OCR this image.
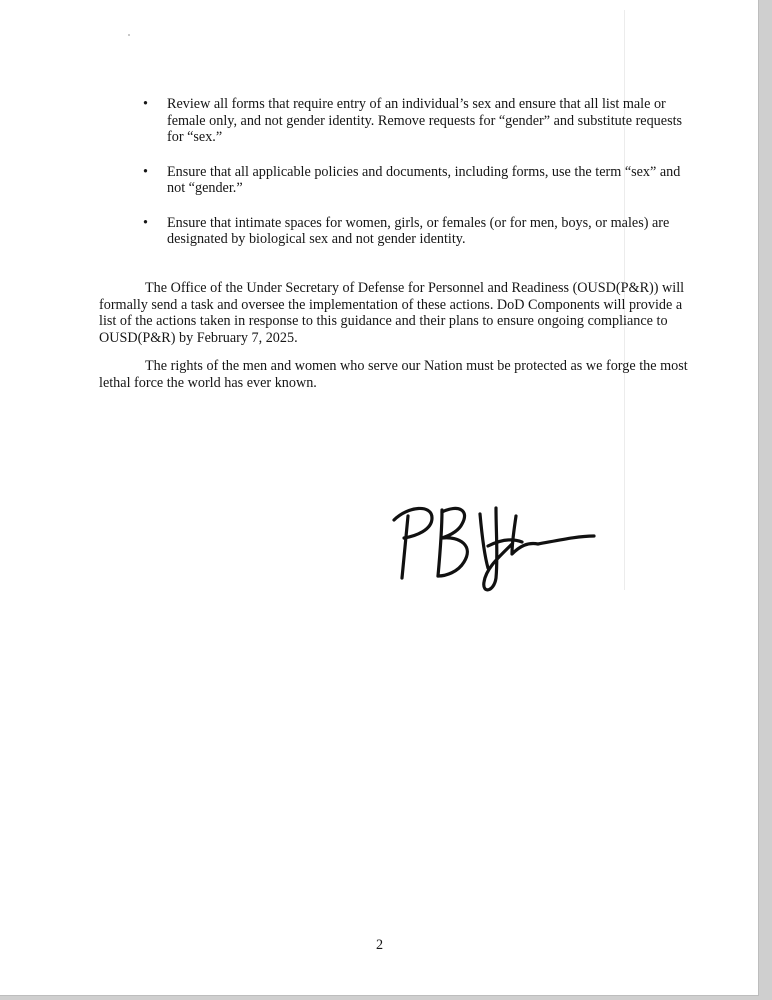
• Review all forms that require entry of an individual’s sex and ensure that all list male or female only, and not gender identity. Remove requests for “gender” and substitute requests for “sex.”
• Ensure that all applicable policies and documents, including forms, use the term “sex” and not “gender.”
• Ensure that intimate spaces for women, girls, or females (or for men, boys, or males) are designated by biological sex and not gender identity.

The Office of the Under Secretary of Defense for Personnel and Readiness (OUSD(P&R)) will formally send a task and oversee the implementation of these actions. DoD Components will provide a list of the actions taken in response to this guidance and their plans to ensure ongoing compliance to OUSD(P&R) by February 7, 2025.

The rights of the men and women who serve our Nation must be protected as we forge the most lethal force the world has ever known.

2
